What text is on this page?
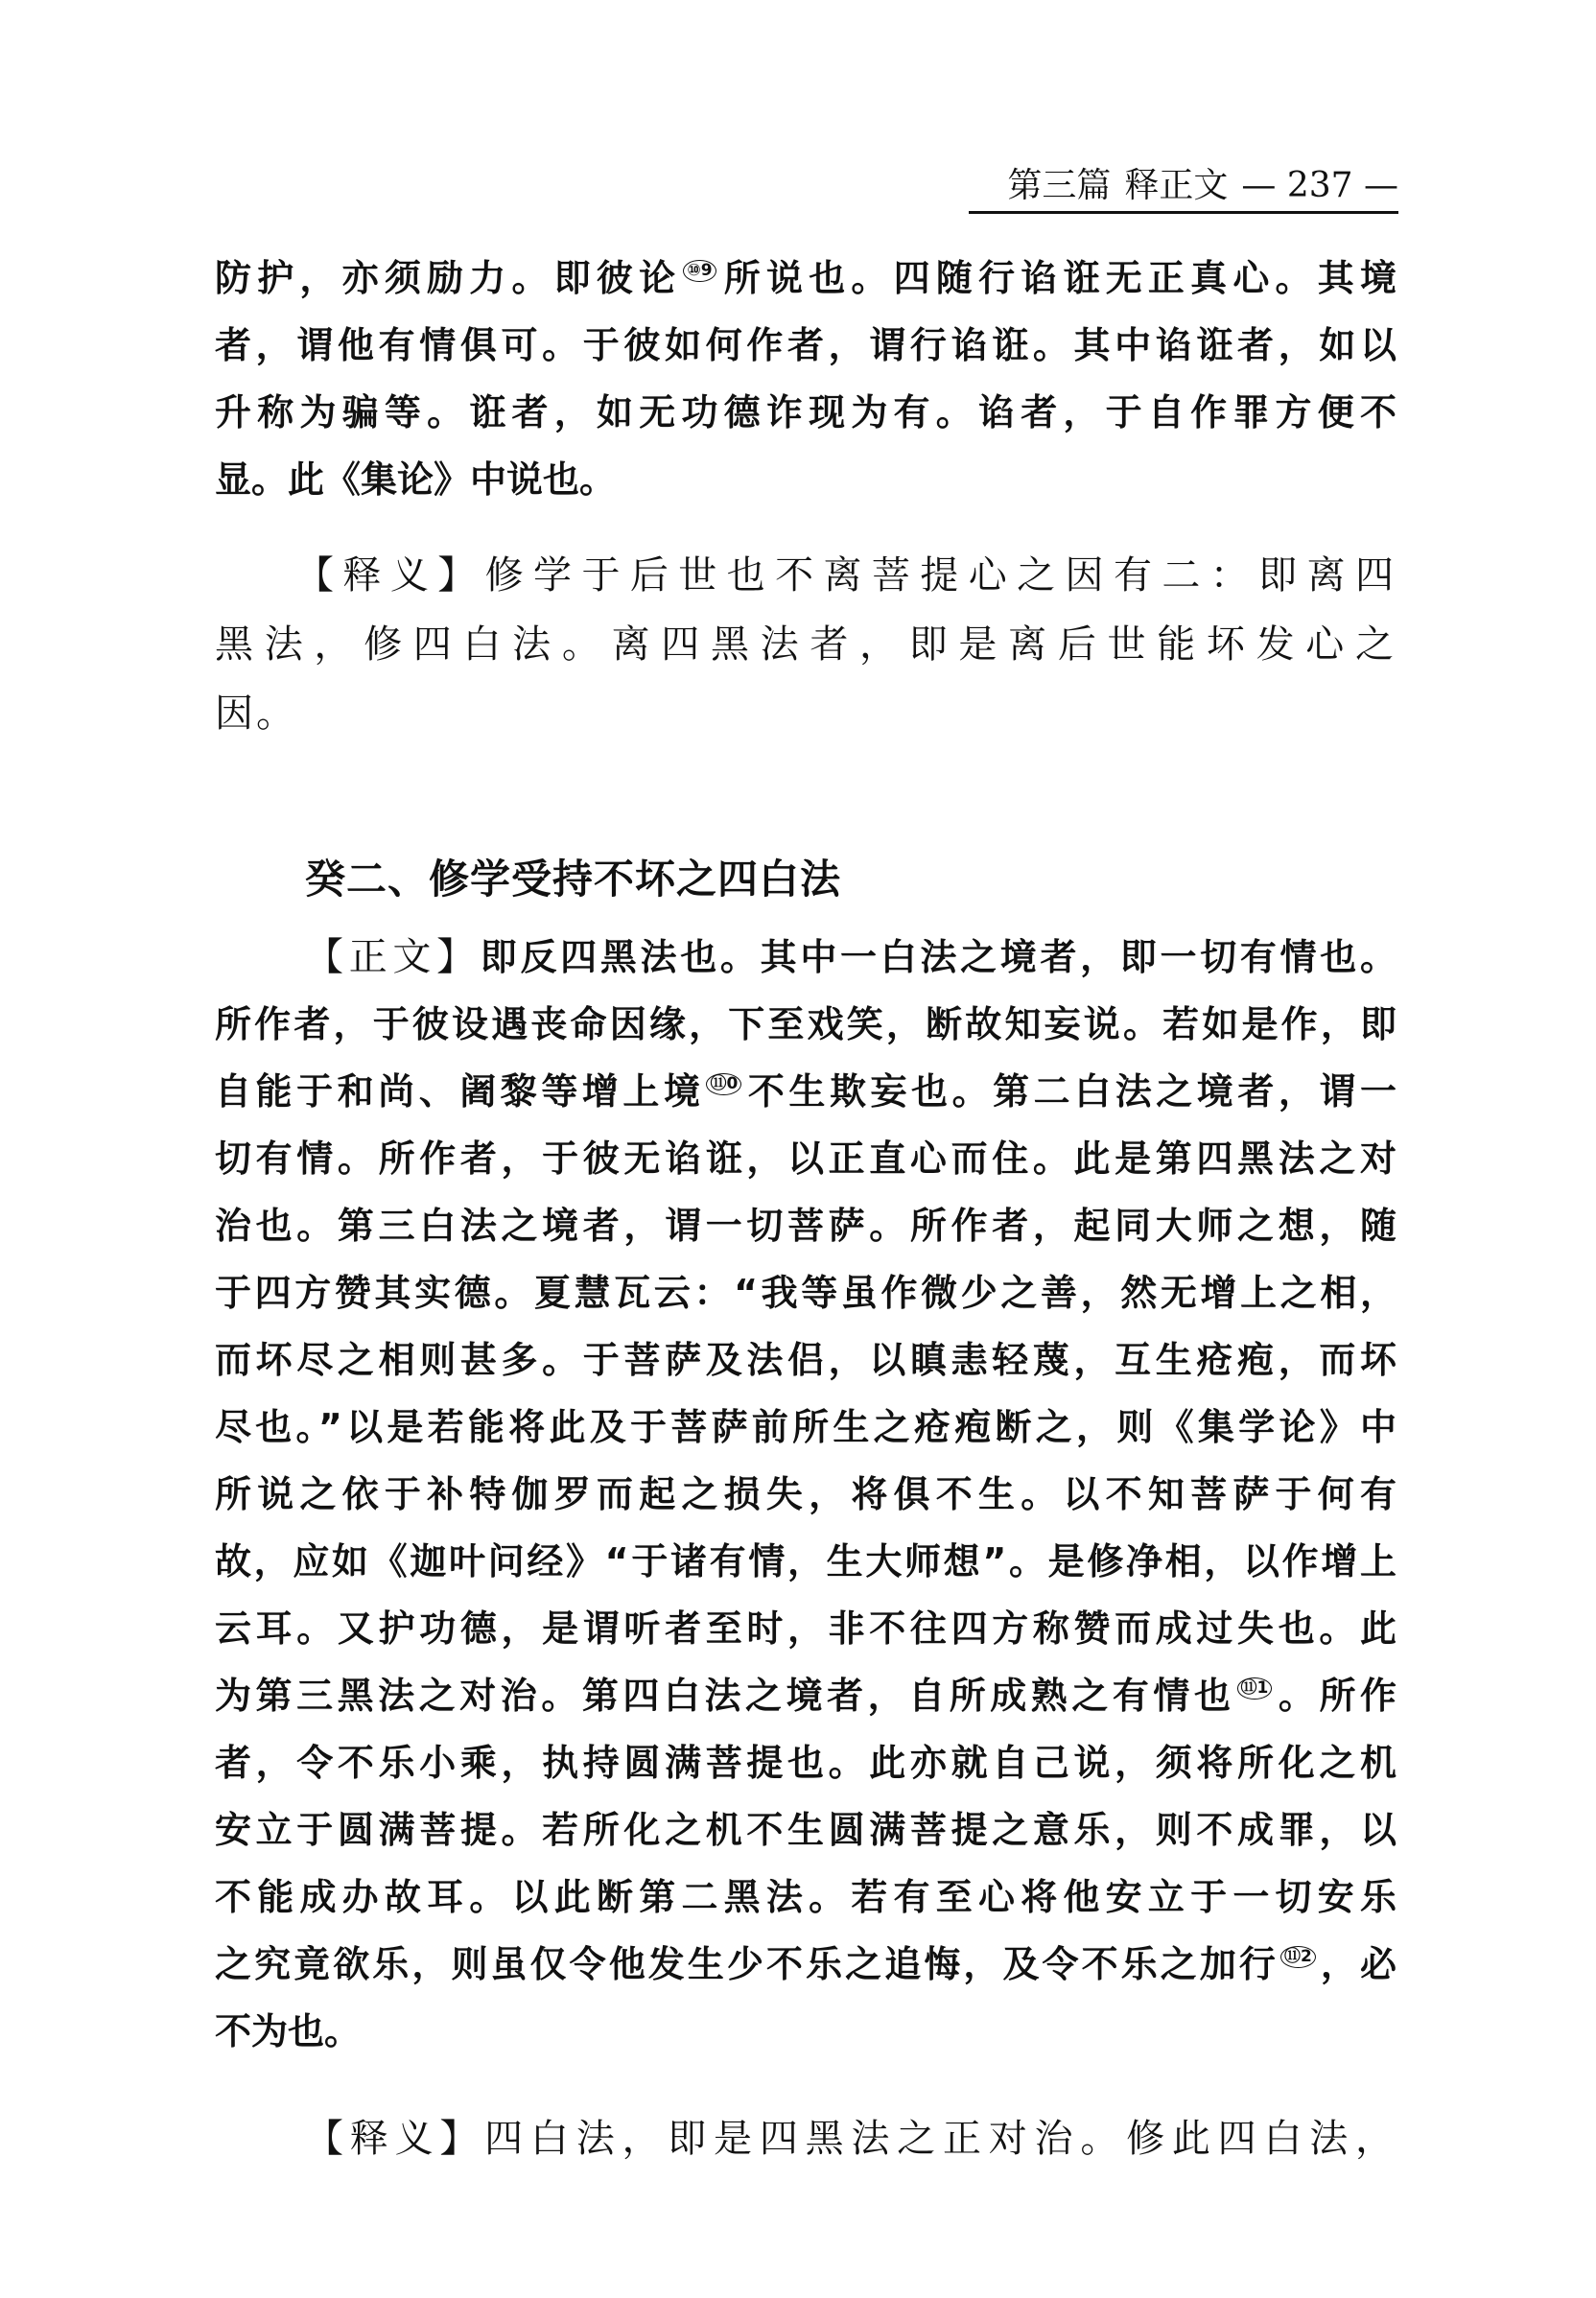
第三篇 释正文 — 237 —
防护，亦须励力。即彼论 ⑩9 所说也。四随行谄诳无正真心。其境
者，谓他有情俱可。于彼如何作者，谓行谄诳。其中谄诳者，如以
升称为骗等。诳者，如无功德诈现为有。谄者，于自作罪方便不
显。此《集论》中说也。
【释义】修学于后世也不离菩提心之因有二：即离四
黑法，修四白法。离四黑法者，即是离后世能坏发心之
因。
癸二、修学受持不坏之四白法
【正文】即反四黑法也。其中一白法之境者，即一切有情也。
所作者，于彼设遇丧命因缘，下至戏笑，断故知妄说。若如是作，即
自能于和尚、阇黎等增上境 ⑪0 不生欺妄也。第二白法之境者，谓一
切有情。所作者，于彼无谄诳，以正直心而住。此是第四黑法之对
治也。第三白法之境者，谓一切菩萨。所作者，起同大师之想，随
于四方赞其实德。夏慧瓦云：“我等虽作微少之善，然无增上之相，
而坏尽之相则甚多。于菩萨及法侣，以瞋恚轻蔑，互生疮疱，而坏
尽也。”以是若能将此及于菩萨前所生之疮疱断之，则《集学论》中
所说之依于补特伽罗而起之损失，将俱不生。以不知菩萨于何有
故，应如《迦叶问经》“于诸有情，生大师想”。是修净相，以作增上
云耳。又护功德，是谓听者至时，非不往四方称赞而成过失也。此
为第三黑法之对治。第四白法之境者，自所成熟之有情也 ⑪1 。所作
者，令不乐小乘，执持圆满菩提也。此亦就自己说，须将所化之机
安立于圆满菩提。若所化之机不生圆满菩提之意乐，则不成罪，以
不能成办故耳。以此断第二黑法。若有至心将他安立于一切安乐
之究竟欲乐，则虽仅令他发生少不乐之追悔，及令不乐之加行 ⑪2 ，必
不为也。
【释义】四白法，即是四黑法之正对治。修此四白法，
